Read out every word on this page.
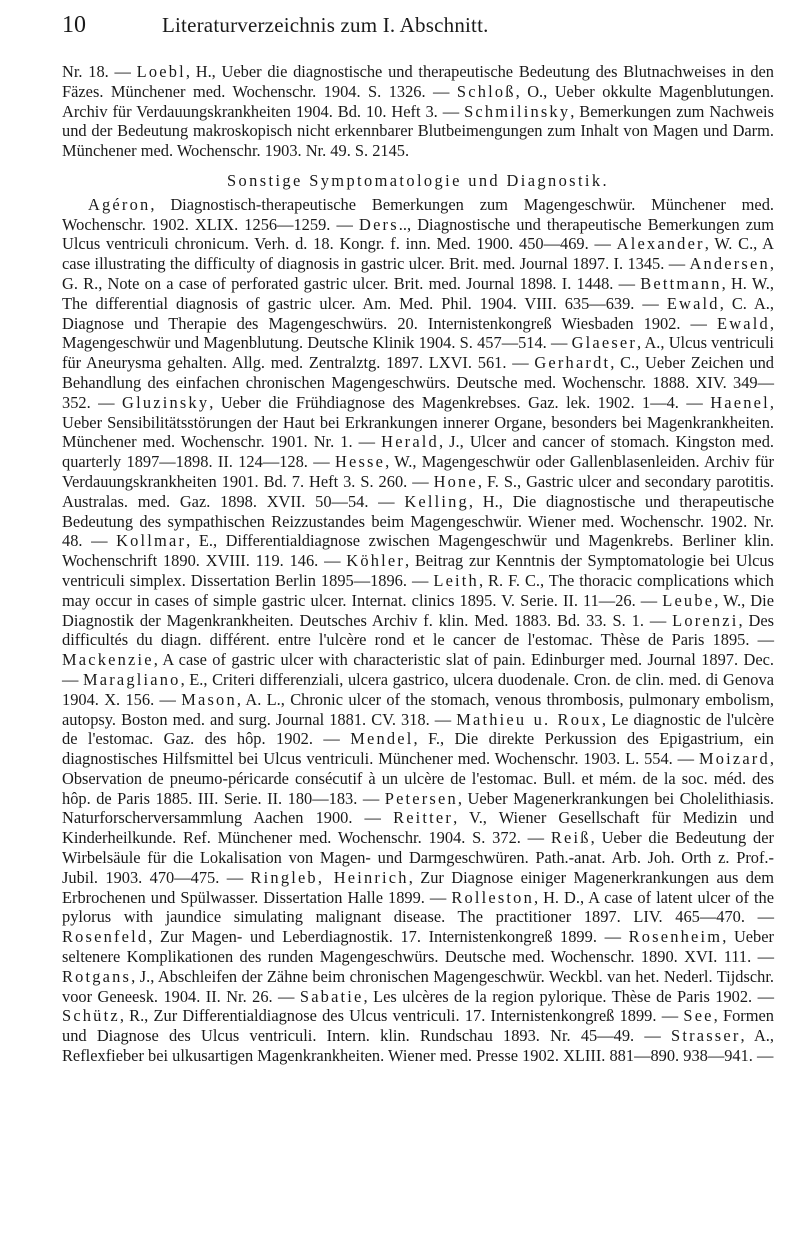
10	Literaturverzeichnis zum I. Abschnitt.

Nr. 18. — Loebl, H., Ueber die diagnostische und therapeutische Bedeutung des Blutnachweises in den Fäzes. Münchener med. Wochenschr. 1904. S. 1326. — Schloß, O., Ueber okkulte Magenblutungen. Archiv für Verdauungskrankheiten 1904. Bd. 10. Heft 3. — Schmilinsky, Bemerkungen zum Nachweis und der Bedeutung makroskopisch nicht erkennbarer Blutbeimengungen zum Inhalt von Magen und Darm. Münchener med. Wochenschr. 1903. Nr. 49. S. 2145.

Sonstige Symptomatologie und Diagnostik.

Agéron, Diagnostisch-therapeutische Bemerkungen zum Magengeschwür. Münchener med. Wochenschr. 1902. XLIX. 1256—1259. — Ders.., Diagnostische und therapeutische Bemerkungen zum Ulcus ventriculi chronicum. Verh. d. 18. Kongr. f. inn. Med. 1900. 450—469. — Alexander, W. C., A case illustrating the difficulty of diagnosis in gastric ulcer. Brit. med. Journal 1897. I. 1345. — Andersen, G. R., Note on a case of perforated gastric ulcer. Brit. med. Journal 1898. I. 1448. — Bettmann, H. W., The differential diagnosis of gastric ulcer. Am. Med. Phil. 1904. VIII. 635—639. — Ewald, C. A., Diagnose und Therapie des Magengeschwürs. 20. Internistenkongreß Wiesbaden 1902. — Ewald, Magengeschwür und Magenblutung. Deutsche Klinik 1904. S. 457—514. — Glaeser, A., Ulcus ventriculi für Aneurysma gehalten. Allg. med. Zentralztg. 1897. LXVI. 561. — Gerhardt, C., Ueber Zeichen und Behandlung des einfachen chronischen Magengeschwürs. Deutsche med. Wochenschr. 1888. XIV. 349—352. — Gluzinsky, Ueber die Frühdiagnose des Magenkrebses. Gaz. lek. 1902. 1—4. — Haenel, Ueber Sensibilitätsstörungen der Haut bei Erkrankungen innerer Organe, besonders bei Magenkrankheiten. Münchener med. Wochenschr. 1901. Nr. 1. — Herald, J., Ulcer and cancer of stomach. Kingston med. quarterly 1897—1898. II. 124—128. — Hesse, W., Magengeschwür oder Gallenblasenleiden. Archiv für Verdauungskrankheiten 1901. Bd. 7. Heft 3. S. 260. — Hone, F. S., Gastric ulcer and secondary parotitis. Australas. med. Gaz. 1898. XVII. 50—54. — Kelling, H., Die diagnostische und therapeutische Bedeutung des sympathischen Reizzustandes beim Magengeschwür. Wiener med. Wochenschr. 1902. Nr. 48. — Kollmar, E., Differentialdiagnose zwischen Magengeschwür und Magenkrebs. Berliner klin. Wochenschrift 1890. XVIII. 119. 146. — Köhler, Beitrag zur Kenntnis der Symptomatologie bei Ulcus ventriculi simplex. Dissertation Berlin 1895—1896. — Leith, R. F. C., The thoracic complications which may occur in cases of simple gastric ulcer. Internat. clinics 1895. V. Serie. II. 11—26. — Leube, W., Die Diagnostik der Magenkrankheiten. Deutsches Archiv f. klin. Med. 1883. Bd. 33. S. 1. — Lorenzi, Des difficultés du diagn. différent. entre l'ulcère rond et le cancer de l'estomac. Thèse de Paris 1895. — Mackenzie, A case of gastric ulcer with characteristic slat of pain. Edinburger med. Journal 1897. Dec. — Maragliano, E., Criteri differenziali, ulcera gastrico, ulcera duodenale. Cron. de clin. med. di Genova 1904. X. 156. — Mason, A. L., Chronic ulcer of the stomach, venous thrombosis, pulmonary embolism, autopsy. Boston med. and surg. Journal 1881. CV. 318. — Mathieu u. Roux, Le diagnostic de l'ulcère de l'estomac. Gaz. des hôp. 1902. — Mendel, F., Die direkte Perkussion des Epigastrium, ein diagnostisches Hilfsmittel bei Ulcus ventriculi. Münchener med. Wochenschr. 1903. L. 554. — Moizard, Observation de pneumo-péricarde consécutif à un ulcère de l'estomac. Bull. et mém. de la soc. méd. des hôp. de Paris 1885. III. Serie. II. 180—183. — Petersen, Ueber Magenerkrankungen bei Cholelithiasis. Naturforscherversammlung Aachen 1900. — Reitter, V., Wiener Gesellschaft für Medizin und Kinderheilkunde. Ref. Münchener med. Wochenschr. 1904. S. 372. — Reiß, Ueber die Bedeutung der Wirbelsäule für die Lokalisation von Magen- und Darmgeschwüren. Path.-anat. Arb. Joh. Orth z. Prof.-Jubil. 1903. 470—475. — Ringleb, Heinrich, Zur Diagnose einiger Magenerkrankungen aus dem Erbrochenen und Spülwasser. Dissertation Halle 1899. — Rolleston, H. D., A case of latent ulcer of the pylorus with jaundice simulating malignant disease. The practitioner 1897. LIV. 465—470. — Rosenfeld, Zur Magen- und Leberdiagnostik. 17. Internistenkongreß 1899. — Rosenheim, Ueber seltenere Komplikationen des runden Magengeschwürs. Deutsche med. Wochenschr. 1890. XVI. 111. — Rotgans, J., Abschleifen der Zähne beim chronischen Magengeschwür. Weckbl. van het. Nederl. Tijdschr. voor Geneesk. 1904. II. Nr. 26. — Sabatie, Les ulcères de la region pylorique. Thèse de Paris 1902. — Schütz, R., Zur Differentialdiagnose des Ulcus ventriculi. 17. Internistenkongreß 1899. — See, Formen und Diagnose des Ulcus ventriculi. Intern. klin. Rundschau 1893. Nr. 45—49. — Strasser, A., Reflexfieber bei ulkusartigen Magenkrankheiten. Wiener med. Presse 1902. XLIII. 881—890. 938—941. —
